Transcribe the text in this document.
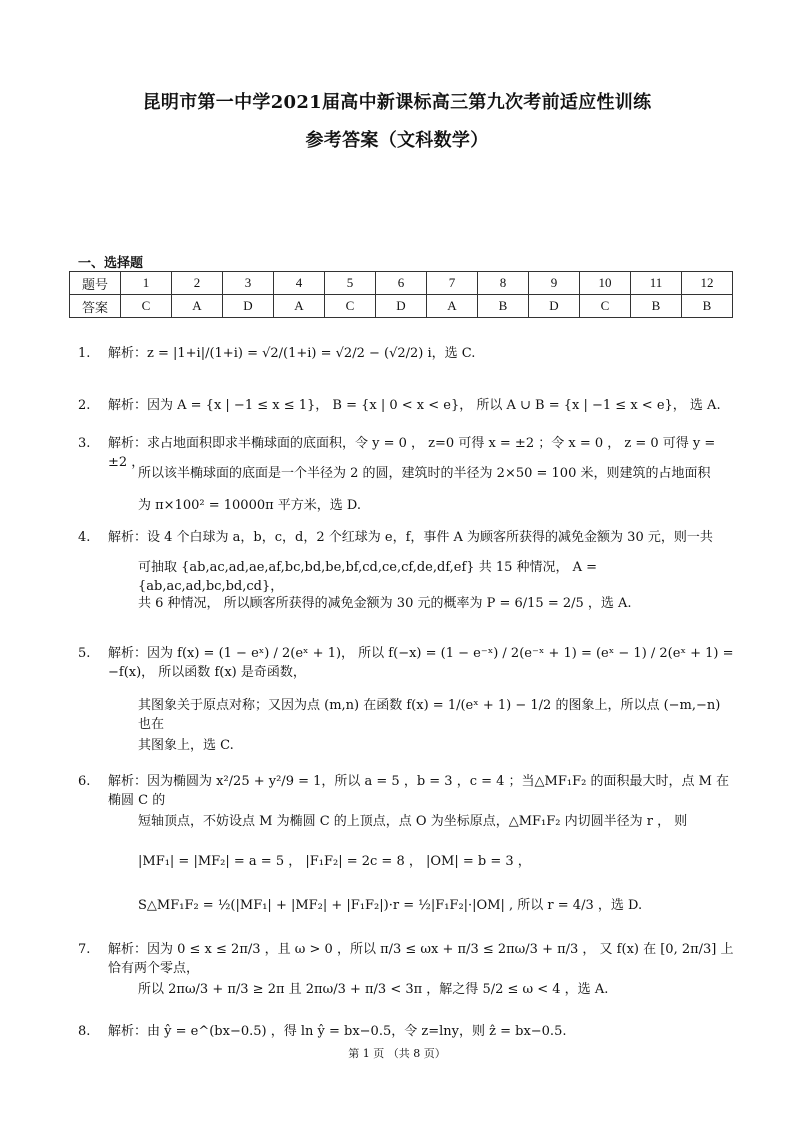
昆明市第一中学2021届高中新课标高三第九次考前适应性训练
参考答案（文科数学）
一、选择题
题号	1	2	3	4	5	6	7	8	9	10	11	12
答案	C	A	D	A	C	D	A	B	D	C	B	B
1. 解析：z = |1+i|/(1+i) = √2/(1+i) = √2/2 − (√2/2) i，选 C.
2. 解析：因为 A = {x | −1 ≤ x ≤ 1}， B = {x | 0 < x < e}， 所以 A ∪ B = {x | −1 ≤ x < e}， 选 A.
3. 解析：求占地面积即求半椭球面的底面积，令 y = 0 ， z=0 可得 x = ±2 ；令 x = 0 ， z = 0 可得 y = ±2 ，
所以该半椭球面的底面是一个半径为 2 的圆，建筑时的半径为 2×50 = 100 米，则建筑的占地面积
为 π×100² = 10000π 平方米，选 D.
4. 解析：设 4 个白球为 a，b，c，d，2 个红球为 e，f，事件 A 为顾客所获得的减免金额为 30 元，则一共
可抽取 {ab,ac,ad,ae,af,bc,bd,be,bf,cd,ce,cf,de,df,ef} 共 15 种情况， A = {ab,ac,ad,bc,bd,cd}，
共 6 种情况， 所以顾客所获得的减免金额为 30 元的概率为 P = 6/15 = 2/5 ，选 A.
5. 解析：因为 f(x) = (1 − eˣ) / 2(eˣ + 1)， 所以 f(−x) = (1 − e⁻ˣ) / 2(e⁻ˣ + 1) = (eˣ − 1) / 2(eˣ + 1) = −f(x)， 所以函数 f(x) 是奇函数，
其图象关于原点对称；又因为点 (m,n) 在函数 f(x) = 1/(eˣ + 1) − 1/2 的图象上，所以点 (−m,−n) 也在
其图象上，选 C.
6. 解析：因为椭圆为 x²/25 + y²/9 = 1，所以 a = 5 ，b = 3 ，c = 4 ；当△MF₁F₂ 的面积最大时，点 M 在椭圆 C 的
短轴顶点，不妨设点 M 为椭圆 C 的上顶点，点 O 为坐标原点，△MF₁F₂ 内切圆半径为 r ， 则
|MF₁| = |MF₂| = a = 5 ， |F₁F₂| = 2c = 8 ， |OM| = b = 3 ，
S△MF₁F₂ = ½(|MF₁| + |MF₂| + |F₁F₂|)·r = ½|F₁F₂|·|OM| , 所以 r = 4/3 ，选 D.
7. 解析：因为 0 ≤ x ≤ 2π/3 ，且 ω > 0 ，所以 π/3 ≤ ωx + π/3 ≤ 2πω/3 + π/3 ， 又 f(x) 在 [0, 2π/3] 上恰有两个零点，
所以 2πω/3 + π/3 ≥ 2π 且 2πω/3 + π/3 < 3π ，解之得 5/2 ≤ ω < 4 ，选 A.
8. 解析：由 ŷ = e^(bx−0.5) ，得 ln ŷ = bx−0.5，令 z=lny，则 ẑ = bx−0.5.
第 1 页 （共 8 页）
